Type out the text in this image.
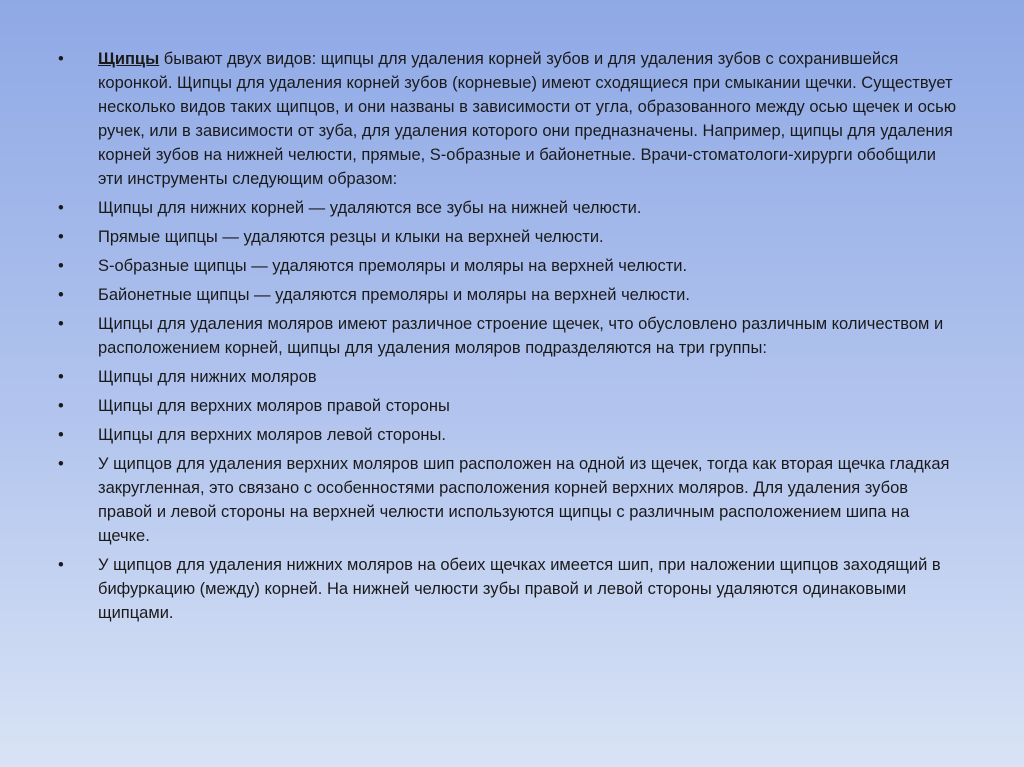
•	Щипцы бывают двух видов: щипцы для удаления корней зубов и для удаления зубов с сохранившейся коронкой. Щипцы для удаления корней зубов (корневые) имеют сходящиеся при смыкании щечки. Существует несколько видов таких щипцов, и они названы в зависимости от угла, образованного между осью щечек и осью ручек, или в зависимости от зуба, для удаления которого они предназначены. Например, щипцы для удаления корней зубов на нижней челюсти, прямые, S-образные и байонетные. Врачи-стоматологи-хирурги обобщили эти инструменты следующим образом:
•	Щипцы для нижних корней — удаляются все зубы на нижней челюсти.
•	Прямые щипцы — удаляются резцы и клыки на верхней челюсти.
•	S-образные щипцы — удаляются премоляры и моляры на верхней челюсти.
•	Байонетные щипцы — удаляются премоляры и моляры на верхней челюсти.
•	Щипцы для удаления моляров имеют различное строение щечек, что обусловлено различным количеством и расположением корней, щипцы для удаления моляров подразделяются на три группы:
•	Щипцы для нижних моляров
•	Щипцы для верхних моляров правой стороны
•	Щипцы для верхних моляров левой стороны.
•	У щипцов для удаления верхних моляров шип расположен на одной из щечек, тогда как вторая щечка гладкая закругленная, это связано с особенностями расположения корней верхних моляров. Для удаления зубов правой и левой стороны на верхней челюсти используются щипцы с различным расположением шипа на щечке.
•	У щипцов для удаления нижних моляров на обеих щечках имеется шип, при наложении щипцов заходящий в бифуркацию (между) корней. На нижней челюсти зубы правой и левой стороны удаляются одинаковыми щипцами.
